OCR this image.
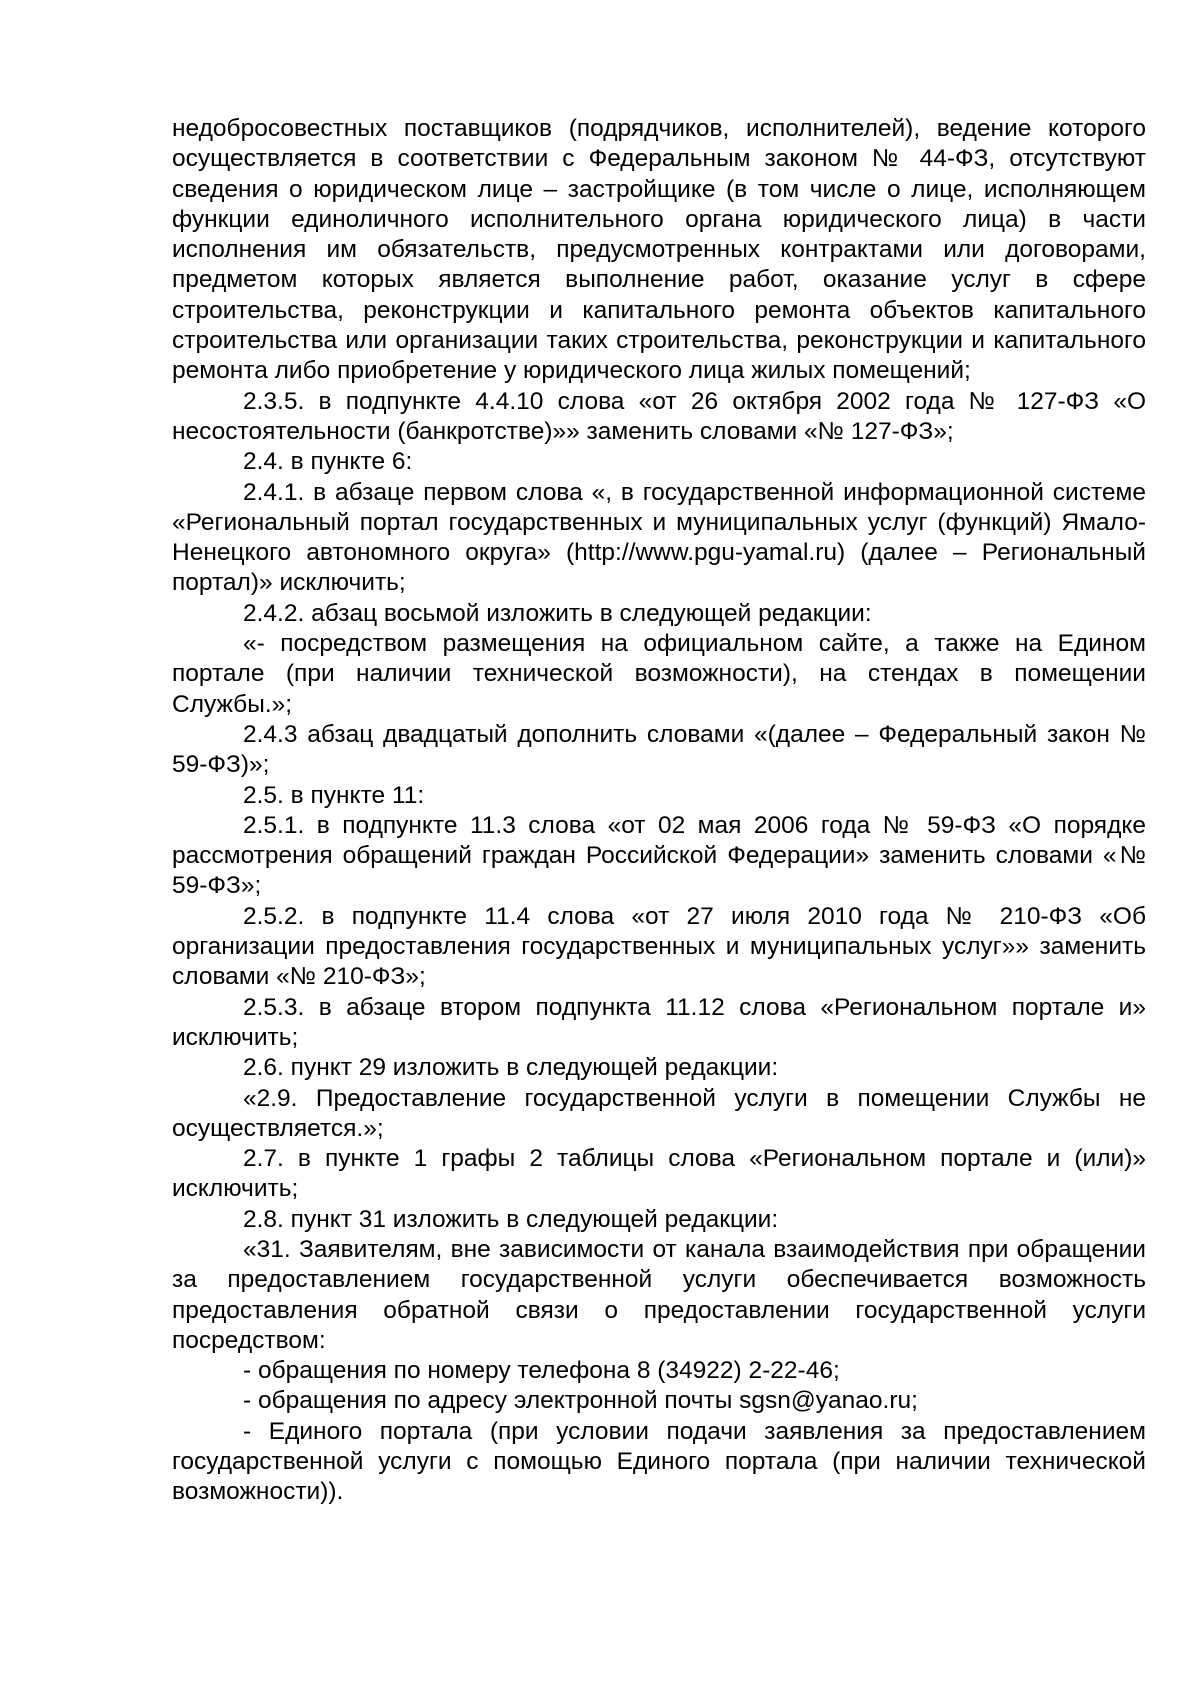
недобросовестных поставщиков (подрядчиков, исполнителей), ведение которого осуществляется в соответствии с Федеральным законом № 44-ФЗ, отсутствуют сведения о юридическом лице – застройщике (в том числе о лице, исполняющем функции единоличного исполнительного органа юридического лица) в части исполнения им обязательств, предусмотренных контрактами или договорами, предметом которых является выполнение работ, оказание услуг в сфере строительства, реконструкции и капитального ремонта объектов капитального строительства или организации таких строительства, реконструкции и капитального ремонта либо приобретение у юридического лица жилых помещений;

2.3.5. в подпункте 4.4.10 слова «от 26 октября 2002 года № 127-ФЗ «О несостоятельности (банкротстве)»» заменить словами «№ 127-ФЗ»;

2.4. в пункте 6:

2.4.1. в абзаце первом слова «, в государственной информационной системе «Региональный портал государственных и муниципальных услуг (функций) Ямало-Ненецкого автономного округа» (http://www.pgu-yamal.ru) (далее – Региональный портал)» исключить;

2.4.2. абзац восьмой изложить в следующей редакции:

«- посредством размещения на официальном сайте, а также на Едином портале (при наличии технической возможности), на стендах в помещении Службы.»;

2.4.3 абзац двадцатый дополнить словами «(далее – Федеральный закон № 59-ФЗ)»;

2.5. в пункте 11:

2.5.1. в подпункте 11.3 слова «от 02 мая 2006 года № 59-ФЗ «О порядке рассмотрения обращений граждан Российской Федерации» заменить словами «№ 59-ФЗ»;

2.5.2. в подпункте 11.4 слова «от 27 июля 2010 года № 210-ФЗ «Об организации предоставления государственных и муниципальных услуг»» заменить словами «№ 210-ФЗ»;

2.5.3. в абзаце втором подпункта 11.12 слова «Региональном портале и» исключить;

2.6. пункт 29 изложить в следующей редакции:

«2.9. Предоставление государственной услуги в помещении Службы не осуществляется.»;

2.7. в пункте 1 графы 2 таблицы слова «Региональном портале и (или)» исключить;

2.8. пункт 31 изложить в следующей редакции:

«31. Заявителям, вне зависимости от канала взаимодействия при обращении за предоставлением государственной услуги обеспечивается возможность предоставления обратной связи о предоставлении государственной услуги посредством:

- обращения по номеру телефона 8 (34922) 2-22-46;

- обращения по адресу электронной почты sgsn@yanao.ru;

- Единого портала (при условии подачи заявления за предоставлением государственной услуги с помощью Единого портала (при наличии технической возможности)).
